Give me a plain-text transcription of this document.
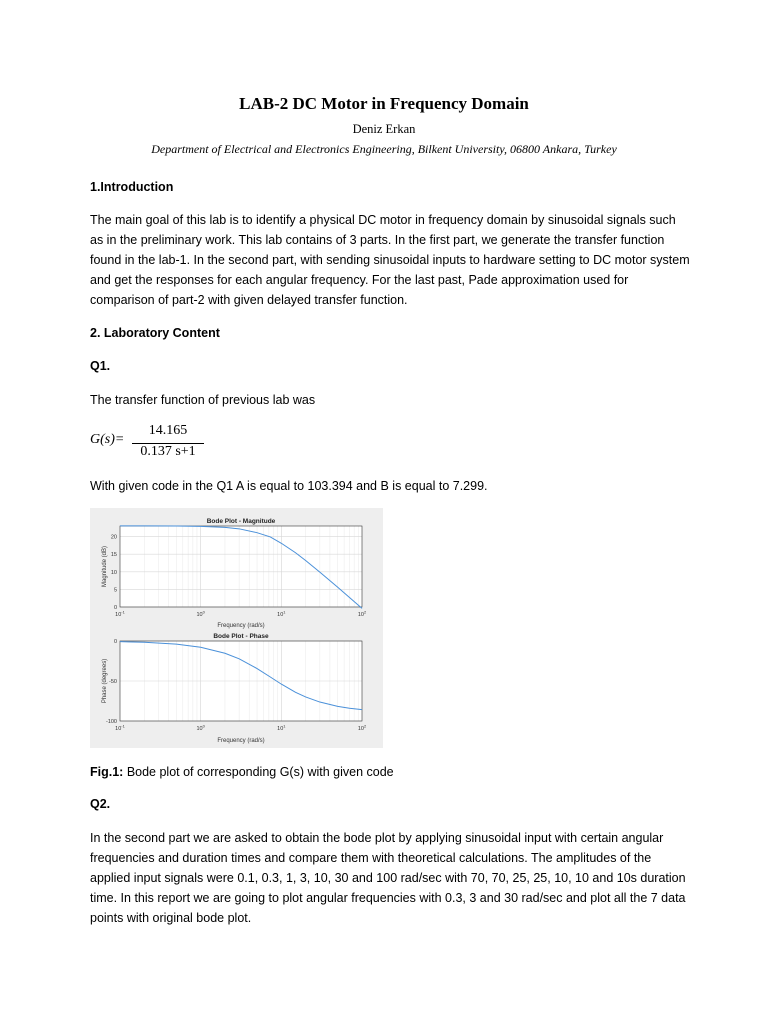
LAB-2 DC Motor in Frequency Domain
Deniz Erkan
Department of Electrical and Electronics Engineering, Bilkent University, 06800 Ankara, Turkey
1.Introduction

The main goal of this lab is to identify a physical DC motor in frequency domain by sinusoidal signals such as in the preliminary work. This lab contains of 3 parts. In the first part, we generate the transfer function found in the lab-1. In the second part, with sending sinusoidal inputs to hardware setting to DC motor system and get the responses for each angular frequency. For the last past, Pade approximation used for comparison of part-2 with given delayed transfer function.

2. Laboratory Content
Q1.

The transfer function of previous lab was

G(s)=
14.165
0.137 s+1

With given code in the Q1 A is equal to 103.394 and B is equal to 7.299.

0
5
10
15
20
$10^{-1}$	$10^0$	$10^1$	$10^2$
Bode Plot - Magnitude
Frequency (rad/s)
Magnitude (dB)
0
-50
-100
$10^{-1}$	$10^0$	$10^1$	$10^2$
Bode Plot - Phase
Frequency (rad/s)
Phase (degrees)
Fig.1: Bode plot of corresponding G(s) with given code
Q2.

In the second part we are asked to obtain the bode plot by applying sinusoidal input with certain angular frequencies and duration times and compare them with theoretical calculations. The amplitudes of the applied input signals were 0.1, 0.3, 1, 3, 10, 30 and 100 rad/sec with 70, 70, 25, 25, 10, 10 and 10s duration time. In this report we are going to plot angular frequencies with 0.3, 3 and 30 rad/sec and plot all the 7 data points with original bode plot.
